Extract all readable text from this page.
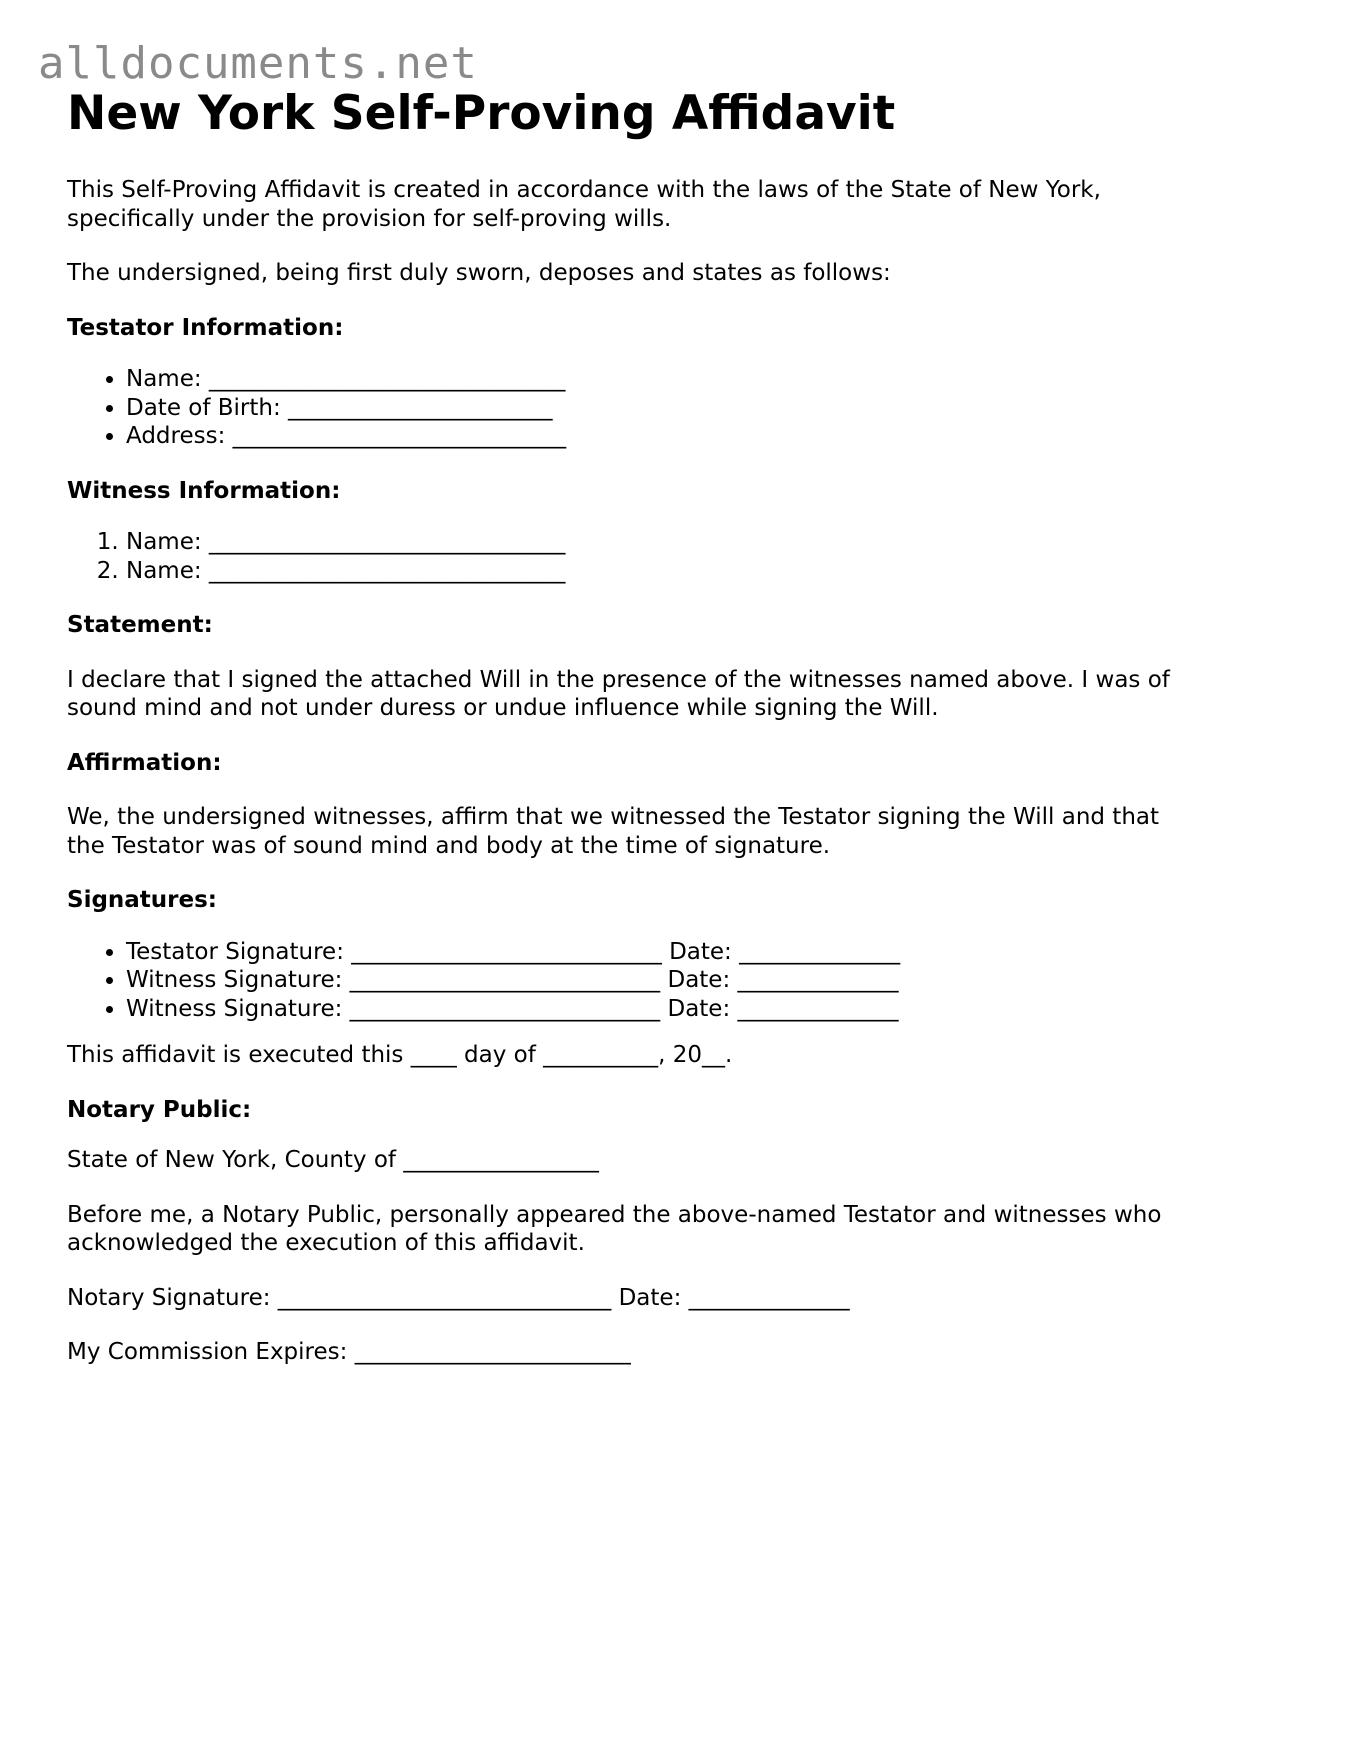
alldocuments.net
New York Self-Proving Affidavit

This Self-Proving Affidavit is created in accordance with the laws of the State of New York, specifically under the provision for self-proving wills.

The undersigned, being first duly sworn, deposes and states as follows:

Testator Information:

• Name: _______________________________
• Date of Birth: _______________________
• Address: _____________________________

Witness Information:

1. Name: _______________________________
2. Name: _______________________________

Statement:

I declare that I signed the attached Will in the presence of the witnesses named above. I was of sound mind and not under duress or undue influence while signing the Will.

Affirmation:

We, the undersigned witnesses, affirm that we witnessed the Testator signing the Will and that the Testator was of sound mind and body at the time of signature.

Signatures:

• Testator Signature: ___________________________ Date: ______________
• Witness Signature: ___________________________ Date: ______________
• Witness Signature: ___________________________ Date: ______________

This affidavit is executed this ____ day of __________, 20__.

Notary Public:

State of New York, County of _________________

Before me, a Notary Public, personally appeared the above-named Testator and witnesses who acknowledged the execution of this affidavit.

Notary Signature: _____________________________ Date: ______________

My Commission Expires: ________________________
